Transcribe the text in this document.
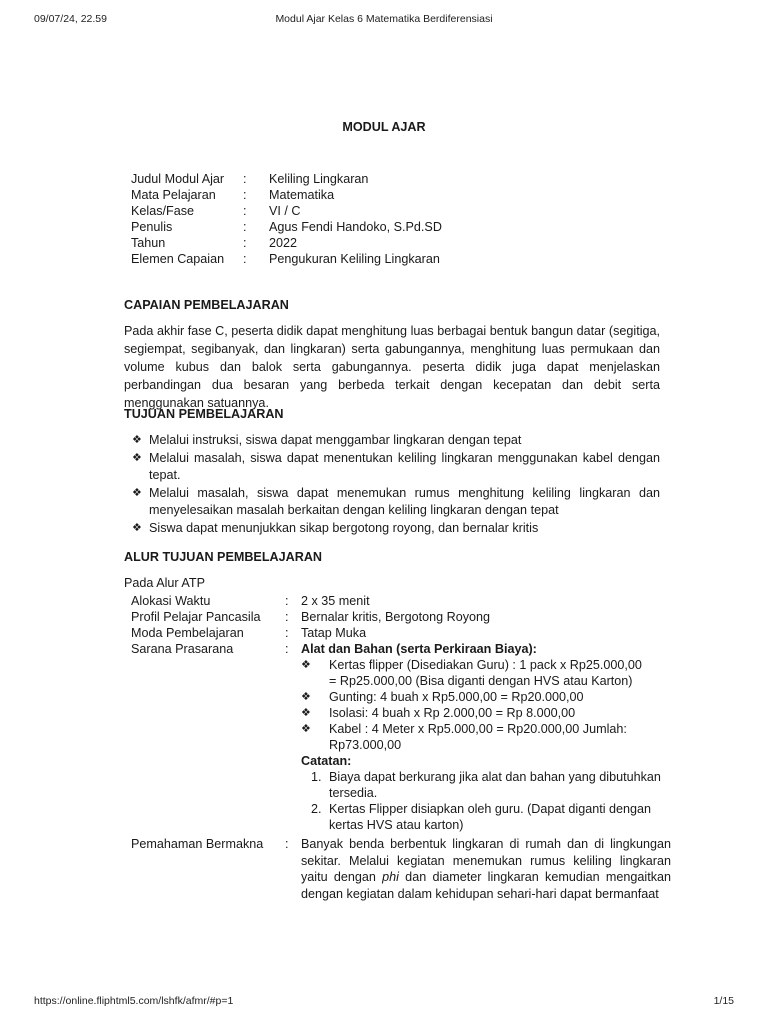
09/07/24, 22.59	Modul Ajar Kelas 6 Matematika Berdiferensiasi
MODUL AJAR
Judul Modul Ajar : Keliling Lingkaran
Mata Pelajaran : Matematika
Kelas/Fase	: VI / C
Penulis	: Agus Fendi Handoko, S.Pd.SD
Tahun	: 2022
Elemen Capaian : Pengukuran Keliling Lingkaran
CAPAIAN PEMBELAJARAN
Pada akhir fase C, peserta didik dapat menghitung luas berbagai bentuk bangun datar (segitiga, segiempat, segibanyak, dan lingkaran) serta gabungannya, menghitung luas permukaan dan volume kubus dan balok serta gabungannya. peserta didik juga dapat menjelaskan perbandingan dua besaran yang berbeda terkait dengan kecepatan dan debit serta menggunakan satuannya.
TUJUAN PEMBELAJARAN
❖ Melalui instruksi, siswa dapat menggambar lingkaran dengan tepat
❖ Melalui masalah, siswa dapat menentukan keliling lingkaran menggunakan kabel dengan tepat.
❖ Melalui masalah, siswa dapat menemukan rumus menghitung keliling lingkaran dan menyelesaikan masalah berkaitan dengan keliling lingkaran dengan tepat
❖ Siswa dapat menunjukkan sikap bergotong royong, dan bernalar kritis
ALUR TUJUAN PEMBELAJARAN
Pada Alur ATP
Alokasi Waktu	: 2 x 35 menit
Profil Pelajar Pancasila : Bernalar kritis, Bergotong Royong
Moda Pembelajaran	: Tatap Muka
Sarana Prasarana	: Alat dan Bahan (serta Perkiraan Biaya):
❖ Kertas flipper (Disediakan Guru) : 1 pack x Rp25.000,00 = Rp25.000,00 (Bisa diganti dengan HVS atau Karton)
❖ Gunting: 4 buah x Rp5.000,00 = Rp20.000,00
❖ Isolasi: 4 buah x Rp 2.000,00 = Rp 8.000,00
❖ Kabel : 4 Meter x Rp5.000,00 = Rp20.000,00 Jumlah: Rp73.000,00
Catatan:
1. Biaya dapat berkurang jika alat dan bahan yang dibutuhkan tersedia.
2. Kertas Flipper disiapkan oleh guru. (Dapat diganti dengan kertas HVS atau karton)
Pemahaman Bermakna : Banyak benda berbentuk lingkaran di rumah dan di lingkungan sekitar. Melalui kegiatan menemukan rumus keliling lingkaran yaitu dengan phi dan diameter lingkaran kemudian mengaitkan dengan kegiatan dalam kehidupan sehari-hari dapat bermanfaat
https://online.fliphtml5.com/lshfk/afmr/#p=1	1/15
